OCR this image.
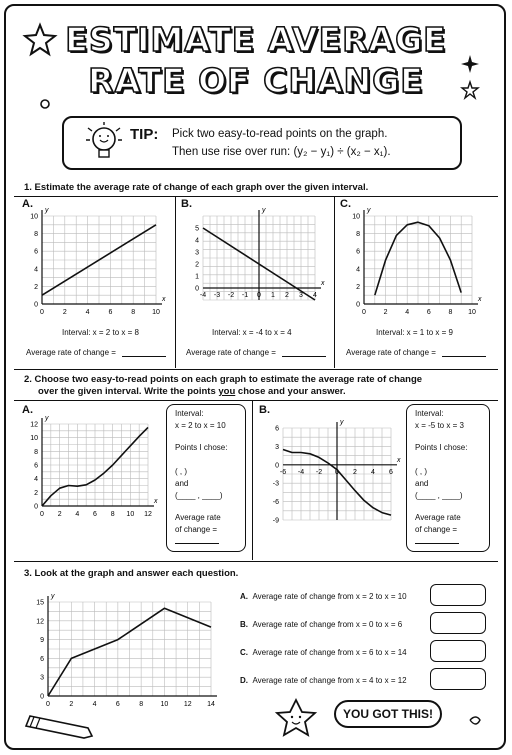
ESTIMATE AVERAGE
RATE OF CHANGE
TIP: Pick two easy-to-read points on the graph.
Then use rise over run: (y₂ − y₁) ÷ (x₂ − x₁).
1. Estimate the average rate of change of each graph over the given interval.
A.	B.	C.
Interval: x = 2 to x = 8	Interval: x = -4 to x = 4	Interval: x = 1 to x = 9
Average rate of change =	Average rate of change =	Average rate of change =
2. Choose two easy-to-read points on each graph to estimate the average rate of change
over the given interval. Write the points you chose and your answer.
A.	B.
Interval:
x = 2 to x = 10
Points I chose:
( , )
and
(____ , ____)
Average rate
of change =
Interval:
x = -5 to x = 3
Points I chose:
( , )
and
(____ , ____)
Average rate
of change =
3. Look at the graph and answer each question.
A. Average rate of change from x = 2 to x = 10
B. Average rate of change from x = 0 to x = 6
C. Average rate of change from x = 6 to x = 14
D. Average rate of change from x = 4 to x = 12
YOU GOT THIS!
x
y
0	2	4	6	8 10
0
2
4
6
8
10
x
y
-4 -3 -2 -1 0 1 2 3 4
0
1
2
3
4
5
x
y
0	2	4	6	8 10
0
2
4
6
8
10
x
y
0 2 4 6 8 10 12
0
2
4
6
8
10
12
x
y
-6 -4 -2 0 2 4 6
6
3
0
-3
-6
-9
y
0	2	4	6	8 10 12 14
0
3
6
9
12
15
